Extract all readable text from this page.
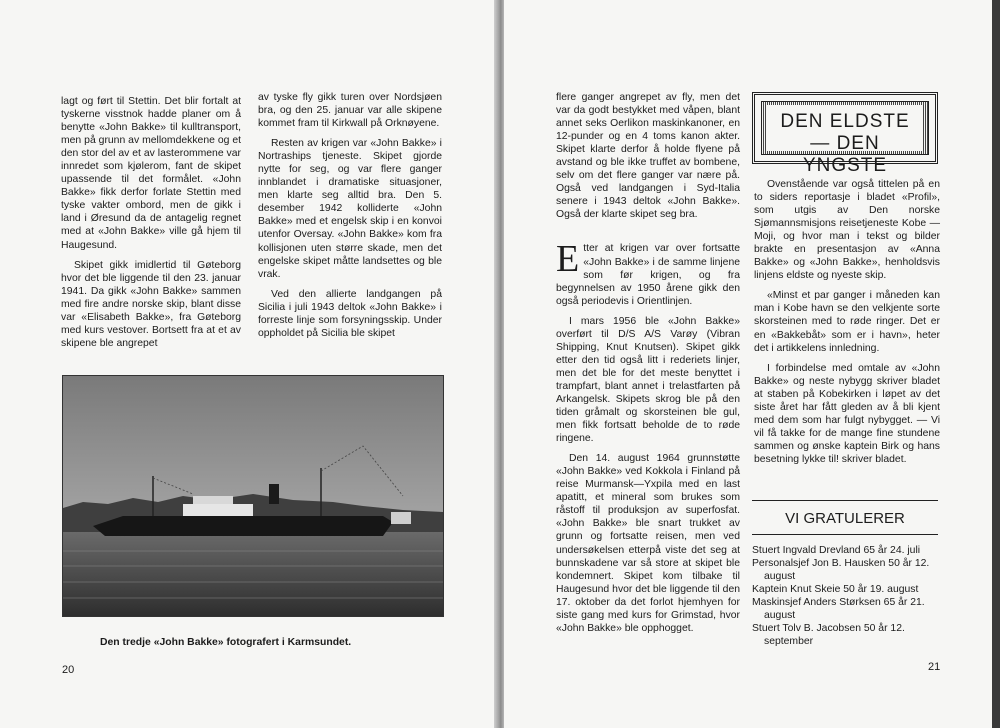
lagt og ført til Stettin. Det blir fortalt at tyskerne visstnok hadde planer om å benytte «John Bakke» til kulltransport, men på grunn av mellomdekkene og et den stor del av et av lasterommene var innredet som kjølerom, fant de skipet upassende til det formålet. «John Bakke» fikk derfor forlate Stettin med tyske vakter ombord, men de gikk i land i Øresund da de antagelig regnet med at «John Bakke» ville gå hjem til Haugesund.

Skipet gikk imidlertid til Gøteborg hvor det ble liggende til den 23. januar 1941. Da gikk «John Bakke» sammen med fire andre norske skip, blant disse var «Elisabeth Bakke», fra Gøteborg med kurs vestover. Bortsett fra at et av skipene ble angrepet

av tyske fly gikk turen over Nordsjøen bra, og den 25. januar var alle skipene kommet fram til Kirkwall på Orknøyene.

Resten av krigen var «John Bakke» i Nortraships tjeneste. Skipet gjorde nytte for seg, og var flere ganger innblandet i dramatiske situasjoner, men klarte seg alltid bra. Den 5. desember 1942 kolliderte «John Bakke» med et engelsk skip i en konvoi utenfor Oversay. «John Bakke» kom fra kollisjonen uten større skade, men det engelske skipet måtte landsettes og ble vrak.

Ved den allierte landgangen på Sicilia i juli 1943 deltok «John Bakke» i forreste linje som forsyningsskip. Under oppholdet på Sicilia ble skipet

Den tredje «John Bakke» fotografert i Karmsundet.
20

flere ganger angrepet av fly, men det var da godt bestykket med våpen, blant annet seks Oerlikon maskinkanoner, en 12-punder og en 4 toms kanon akter. Skipet klarte derfor å holde flyene på avstand og ble ikke truffet av bombene, selv om det flere ganger var nære på. Også ved landgangen i Syd-Italia senere i 1943 deltok «John Bakke». Også der klarte skipet seg bra.

Etter at krigen var over fortsatte «John Bakke» i de samme linjene som før krigen, og fra begynnelsen av 1950 årene gikk den også periodevis i Orientlinjen.

I mars 1956 ble «John Bakke» overført til D/S A/S Varøy (Vibran Shipping, Knut Knutsen). Skipet gikk etter den tid også litt i rederiets linjer, men det ble for det meste benyttet i trampfart, blant annet i trelastfarten på Arkangelsk. Skipets skrog ble på den tiden gråmalt og skorsteinen ble gul, men fikk fortsatt beholde de to røde ringene.

Den 14. august 1964 grunnstøtte «John Bakke» ved Kokkola i Finland på reise Murmansk—Yxpila med en last apatitt, et mineral som brukes som råstoff til produksjon av superfosfat. «John Bakke» ble snart trukket av grunn og fortsatte reisen, men ved undersøkelsen etterpå viste det seg at bunnskadene var så store at skipet ble kondemnert. Skipet kom tilbake til Haugesund hvor det ble liggende til den 17. oktober da det forlot hjemhyen for siste gang med kurs for Grimstad, hvor «John Bakke» ble opphogget.

DEN ELDSTE
— DEN YNGSTE

Ovenstående var også tittelen på en to siders reportasje i bladet «Profil», som utgis av Den norske Sjømannsmisjons reisetjeneste Kobe — Moji, og hvor man i tekst og bilder brakte en presentasjon av «Anna Bakke» og «John Bakke», henholdsvis linjens eldste og nyeste skip.

«Minst et par ganger i måneden kan man i Kobe havn se den velkjente sorte skorsteinen med to røde ringer. Det er en «Bakkebåt» som er i havn», heter det i artikkelens innledning.

I forbindelse med omtale av «John Bakke» og neste nybygg skriver bladet at staben på Kobekirken i løpet av det siste året har fått gleden av å bli kjent med dem som har fulgt nybygget. — Vi vil få takke for de mange fine stundene sammen og ønske kaptein Birk og hans besetning lykke til! skriver bladet.

VI GRATULERER
Stuert Ingvald Drevland 65 år 24. juli
Personalsjef Jon B. Hausken 50 år 12. august
Kaptein Knut Skeie 50 år 19. august
Maskinsjef Anders Størksen 65 år 21. august
Stuert Tolv B. Jacobsen 50 år 12. september
21
